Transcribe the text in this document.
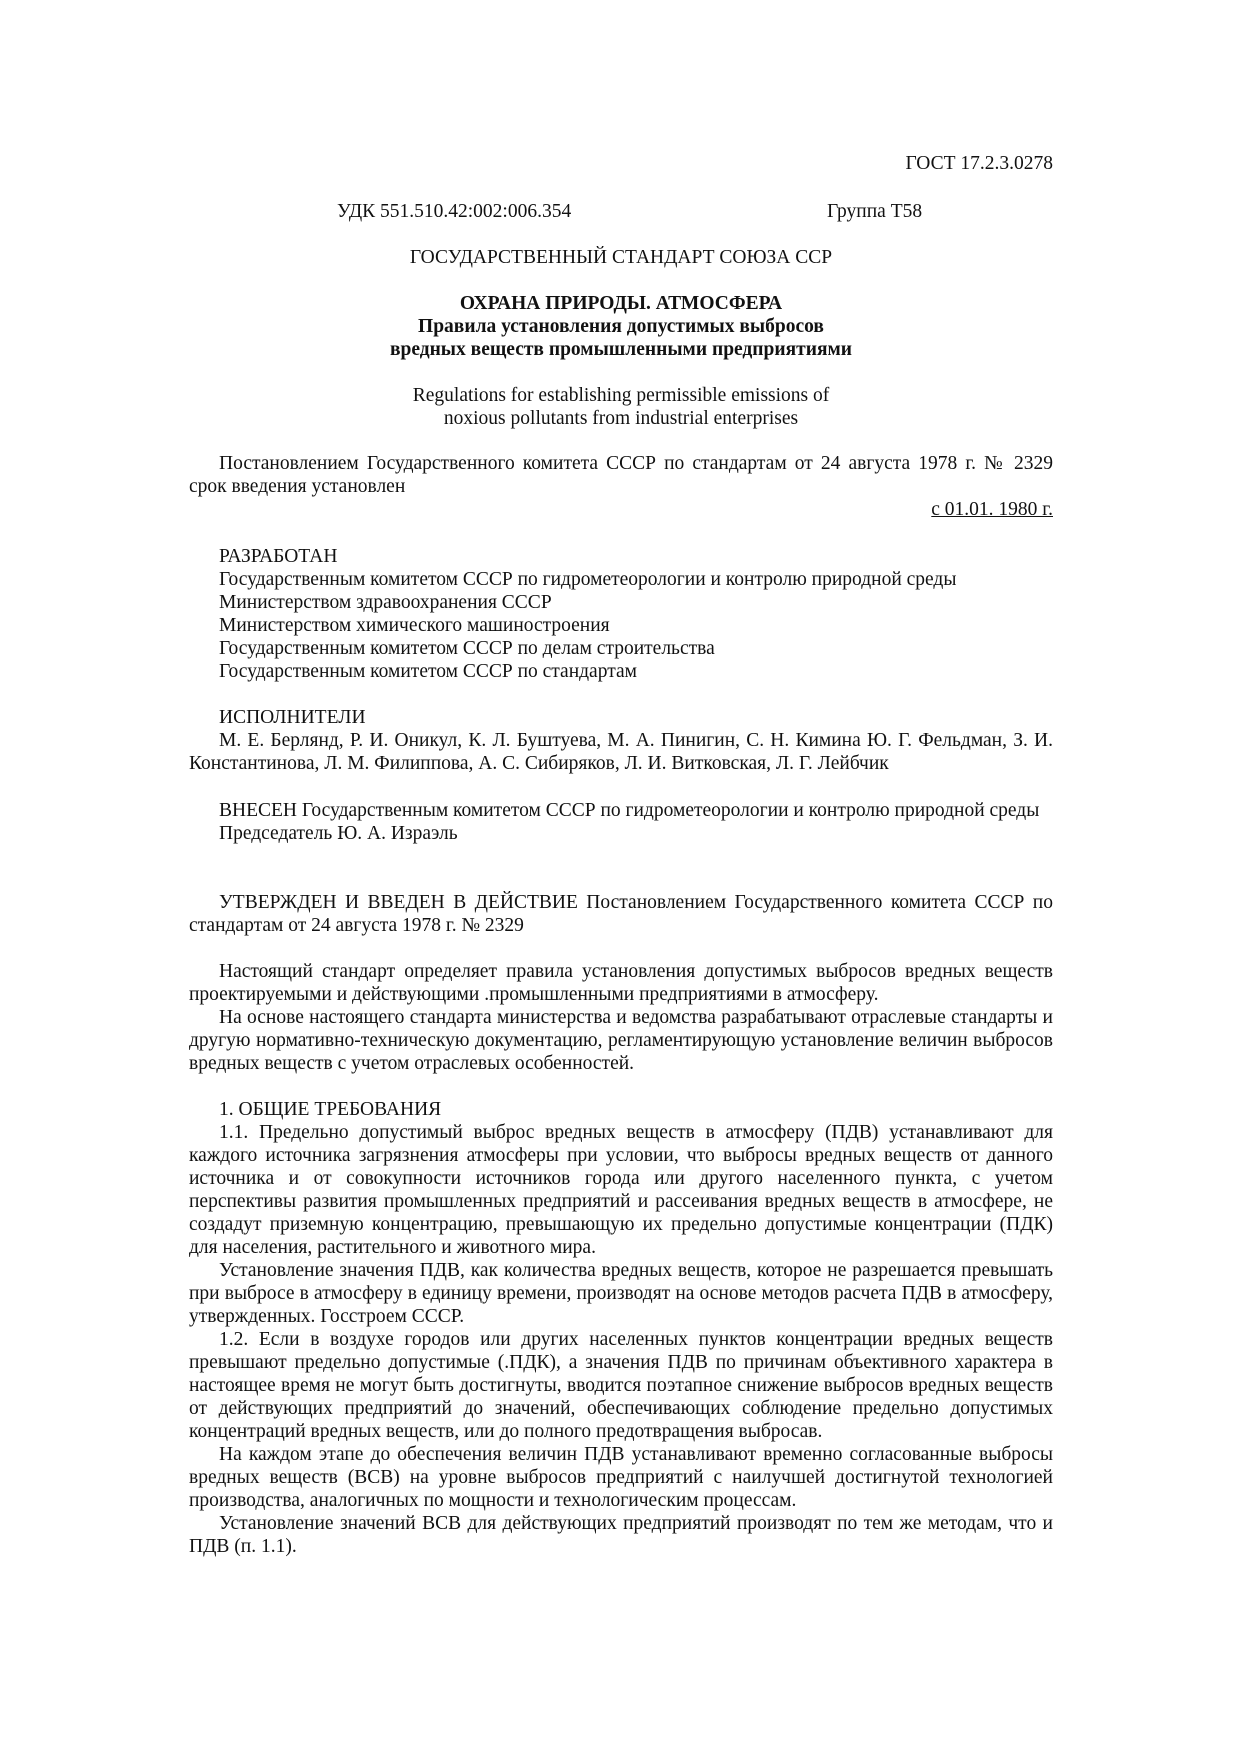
ГОСТ 17.2.3.0278
УДК 551.510.42:002:006.354	Группа Т58
ГОСУДАРСТВЕННЫЙ СТАНДАРТ СОЮЗА ССР
ОХРАНА ПРИРОДЫ. АТМОСФЕРА
Правила установления допустимых выбросов
вредных веществ промышленными предприятиями
Regulations for establishing permissible emissions of
noxious pollutants from industrial enterprises

Постановлением Государственного комитета СССР по стандартам от 24 августа 1978 г. № 2329 срок введения установлен

с 01.01. 1980 г.

РАЗРАБОТАН
Государственным комитетом СССР по гидрометеорологии и контролю природной среды
Министерством здравоохранения СССР
Министерством химического машиностроения
Государственным комитетом СССР по делам строительства
Государственным комитетом СССР по стандартам
ИСПОЛНИТЕЛИ

М. Е. Берлянд, Р. И. Оникул, К. Л. Буштуева, М. А. Пинигин, С. Н. Кимина Ю. Г. Фельдман, З. И. Константинова, Л. М. Филиппова, А. С. Сибиряков, Л. И. Витковская, Л. Г. Лейбчик

ВНЕСЕН Государственным комитетом СССР по гидрометеорологии и контролю природной среды

Председатель Ю. А. Израэль

УТВЕРЖДЕН И ВВЕДЕН В ДЕЙСТВИЕ Постановлением Государственного комитета СССР по стандартам от 24 августа 1978 г. № 2329

Настоящий стандарт определяет правила установления допустимых выбросов вредных веществ проектируемыми и действующими .промышленными предприятиями в атмосферу.

На основе настоящего стандарта министерства и ведомства разрабатывают отраслевые стандарты и другую нормативно-техническую документацию, регламентирующую установление величин выбросов вредных веществ с учетом отраслевых особенностей.

1. ОБЩИЕ ТРЕБОВАНИЯ

1.1. Предельно допустимый выброс вредных веществ в атмосферу (ПДВ) устанавливают для каждого источника загрязнения атмосферы при условии, что выбросы вредных веществ от данного источника и от совокупности источников города или другого населенного пункта, с учетом перспективы развития промышленных предприятий и рассеивания вредных веществ в атмосфере, не создадут приземную концентрацию, превышающую их предельно допустимые концентрации (ПДК) для населения, растительного и животного мира.

Установление значения ПДВ, как количества вредных веществ, которое не разрешается превышать при выбросе в атмосферу в единицу времени, производят на основе методов расчета ПДВ в атмосферу, утвержденных. Госстроем СССР.

1.2. Если в воздухе городов или других населенных пунктов концентрации вредных веществ превышают предельно допустимые (.ПДК), а значения ПДВ по причинам объективного характера в настоящее время не могут быть достигнуты, вводится поэтапное снижение выбросов вредных веществ от действующих предприятий до значений, обеспечивающих соблюдение предельно допустимых концентраций вредных веществ, или до полного предотвращения выбросав.

На каждом этапе до обеспечения величин ПДВ устанавливают временно согласованные выбросы вредных веществ (ВСВ) на уровне выбросов предприятий с наилучшей достигнутой технологией производства, аналогичных по мощности и технологическим процессам.

Установление значений ВСВ для действующих предприятий производят по тем же методам, что и ПДВ (п. 1.1).
